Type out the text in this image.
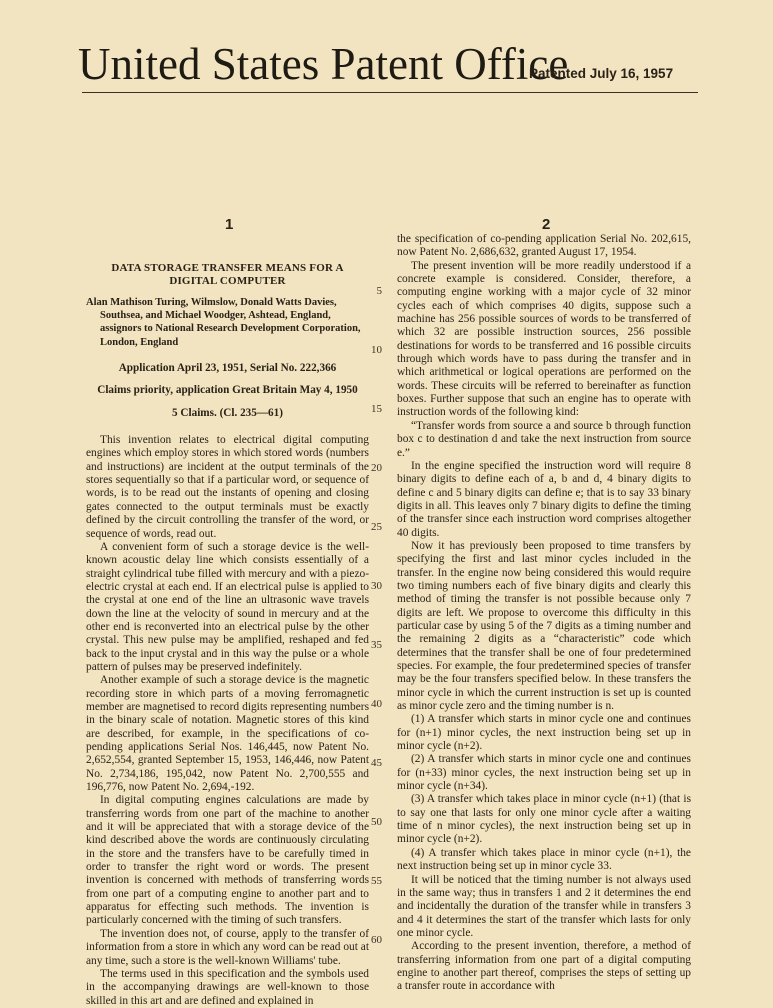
United States Patent Office
Patented July 16, 1957
1	2
DATA STORAGE TRANSFER MEANS FOR A
DIGITAL COMPUTER
Alan Mathison Turing, Wilmslow, Donald Watts Davies, Southsea, and Michael Woodger, Ashtead, England, assignors to National Research Development Corporation, London, England
Application April 23, 1951, Serial No. 222,366
Claims priority, application Great Britain May 4, 1950
5 Claims. (Cl. 235—61)

This invention relates to electrical digital computing engines which employ stores in which stored words (numbers and instructions) are incident at the output terminals of the stores sequentially so that if a particular word, or sequence of words, is to be read out the instants of opening and closing gates connected to the output terminals must be exactly defined by the circuit controlling the transfer of the word, or sequence of words, read out.

A convenient form of such a storage device is the well-known acoustic delay line which consists essentially of a straight cylindrical tube filled with mercury and with a piezo-electric crystal at each end. If an electrical pulse is applied to the crystal at one end of the line an ultrasonic wave travels down the line at the velocity of sound in mercury and at the other end is reconverted into an electrical pulse by the other crystal. This new pulse may be amplified, reshaped and fed back to the input crystal and in this way the pulse or a whole pattern of pulses may be preserved indefinitely.

Another example of such a storage device is the magnetic recording store in which parts of a moving ferromagnetic member are magnetised to record digits representing numbers in the binary scale of notation. Magnetic stores of this kind are described, for example, in the specifications of co-pending applications Serial Nos. 146,445, now Patent No. 2,652,554, granted September 15, 1953, 146,446, now Patent No. 2,734,186, 195,042, now Patent No. 2,700,555 and 196,776, now Patent No. 2,694,-192.

In digital computing engines calculations are made by transferring words from one part of the machine to another and it will be appreciated that with a storage device of the kind described above the words are continuously circulating in the store and the transfers have to be carefully timed in order to transfer the right word or words. The present invention is concerned with methods of transferring words from one part of a computing engine to another part and to apparatus for effecting such methods. The invention is particularly concerned with the timing of such transfers.

The invention does not, of course, apply to the transfer of information from a store in which any word can be read out at any time, such a store is the well-known Williams' tube.

The terms used in this specification and the symbols used in the accompanying drawings are well-known to those skilled in this art and are defined and explained in

5
10
15
20
25
30
35
40
45
50
55
60

the specification of co-pending application Serial No. 202,615, now Patent No. 2,686,632, granted August 17, 1954.

The present invention will be more readily understood if a concrete example is considered. Consider, therefore, a computing engine working with a major cycle of 32 minor cycles each of which comprises 40 digits, suppose such a machine has 256 possible sources of words to be transferred of which 32 are possible instruction sources, 256 possible destinations for words to be transferred and 16 possible circuits through which words have to pass during the transfer and in which arithmetical or logical operations are performed on the words. These circuits will be referred to bereinafter as function boxes. Further suppose that such an engine has to operate with instruction words of the following kind:

“Transfer words from source a and source b through function box c to destination d and take the next instruction from source e.”

In the engine specified the instruction word will require 8 binary digits to define each of a, b and d, 4 binary digits to define c and 5 binary digits can define e; that is to say 33 binary digits in all. This leaves only 7 binary digits to define the timing of the transfer since each instruction word comprises altogether 40 digits.

Now it has previously been proposed to time transfers by specifying the first and last minor cycles included in the transfer. In the engine now being considered this would require two timing numbers each of five binary digits and clearly this method of timing the transfer is not possible because only 7 digits are left. We propose to overcome this difficulty in this particular case by using 5 of the 7 digits as a timing number and the remaining 2 digits as a “characteristic” code which determines that the transfer shall be one of four predetermined species. For example, the four predetermined species of transfer may be the four transfers specified below. In these transfers the minor cycle in which the current instruction is set up is counted as minor cycle zero and the timing number is n.

(1) A transfer which starts in minor cycle one and continues for (n+1) minor cycles, the next instruction being set up in minor cycle (n+2).

(2) A transfer which starts in minor cycle one and continues for (n+33) minor cycles, the next instruction being set up in minor cycle (n+34).

(3) A transfer which takes place in minor cycle (n+1) (that is to say one that lasts for only one minor cycle after a waiting time of n minor cycles), the next instruction being set up in minor cycle (n+2).

(4) A transfer which takes place in minor cycle (n+1), the next instruction being set up in minor cycle 33.

It will be noticed that the timing number is not always used in the same way; thus in transfers 1 and 2 it determines the end and incidentally the duration of the transfer while in transfers 3 and 4 it determines the start of the transfer which lasts for only one minor cycle.

According to the present invention, therefore, a method of transferring information from one part of a digital computing engine to another part thereof, comprises the steps of setting up a transfer route in accordance with
